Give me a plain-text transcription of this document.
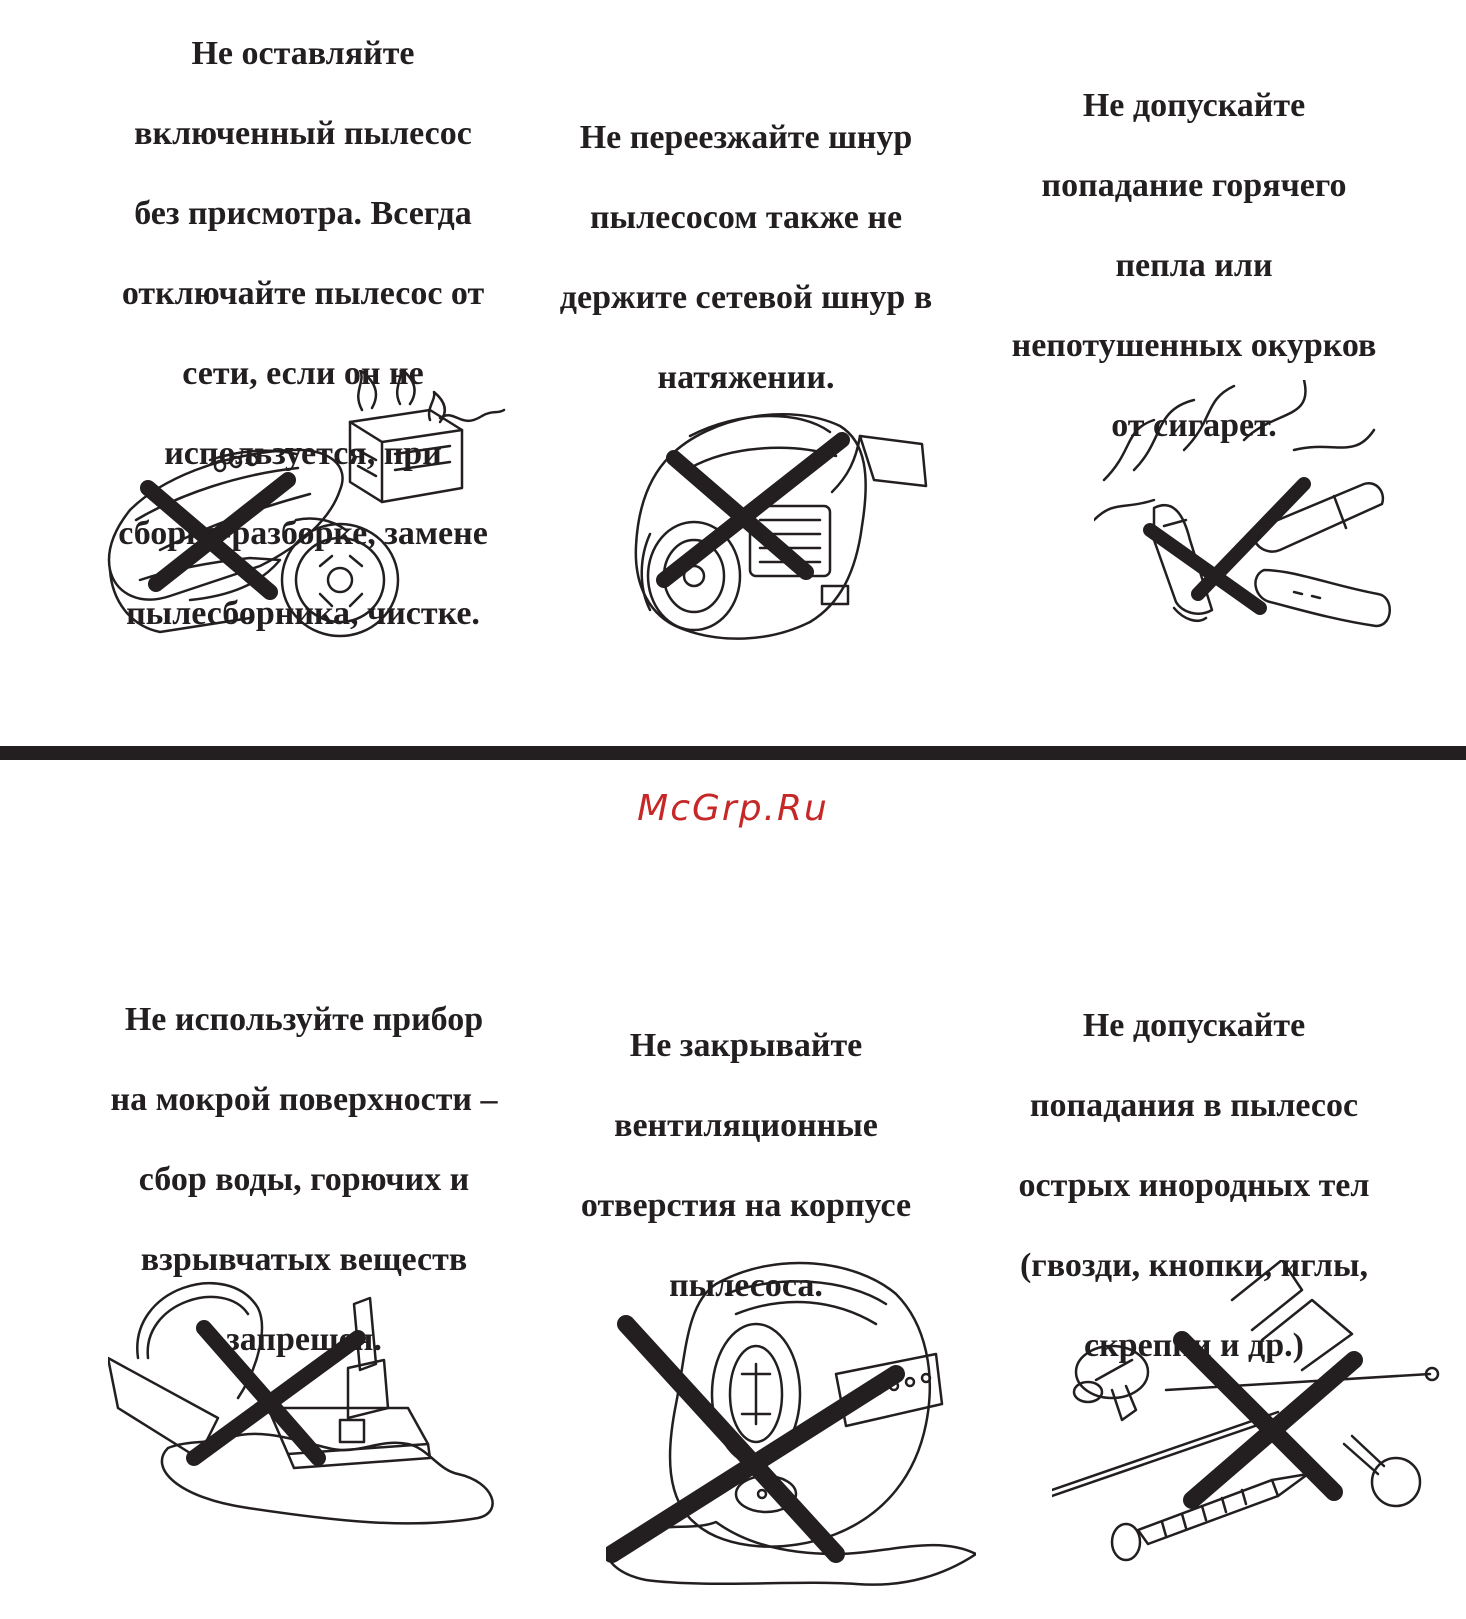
Не оставляйте

включенный пылесос

без присмотра. Всегда

отключайте пылесос от

сети, если он не

используется, при

сборке-разборке, замене

пылесборника, чистке.

Не переезжайте шнур

пылесосом также не

держите сетевой шнур в

натяжении.

Не допускайте

попадание горячего

пепла или

непотушенных окурков

от сигарет.

McGrp.Ru

Не используйте прибор

на мокрой поверхности –

сбор воды, горючих и

взрывчатых веществ

запрещен.

Не закрывайте

вентиляционные

отверстия на корпусе

пылесоса.

Не допускайте

попадания в пылесос

острых инородных тел

(гвозди, кнопки, иглы,

скрепки и др.)
